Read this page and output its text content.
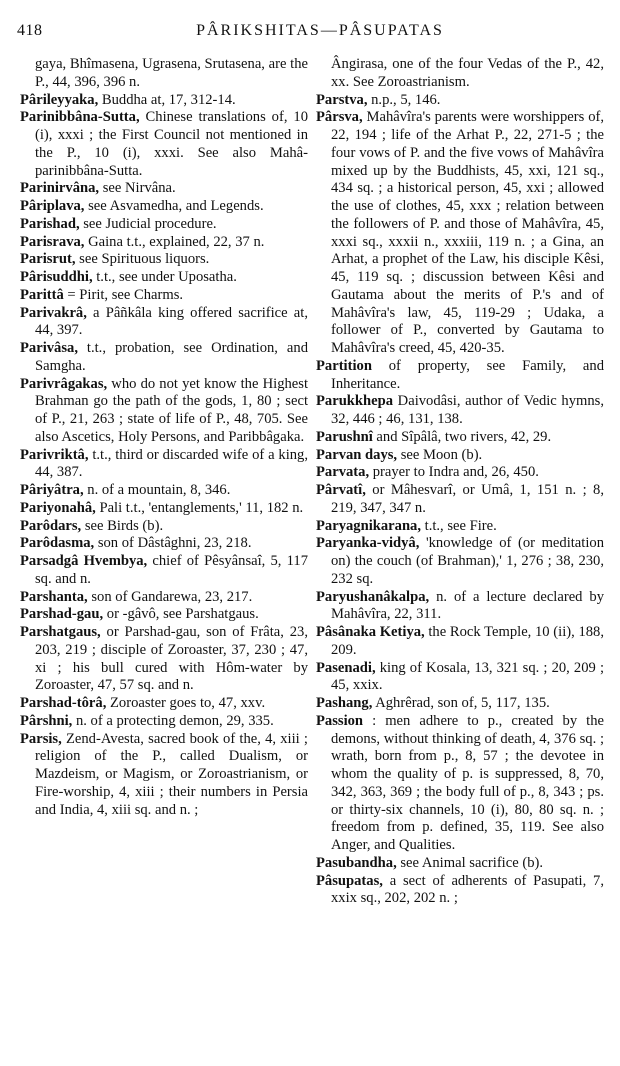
418	PÂRIKSHITAS—PÂSUPATAS

gaya, Bhîmasena, Ugrasena, Srutasena, are the P., 44, 396, 396 n.

Pârileyyaka, Buddha at, 17, 312-14.

Parinibbâna-Sutta, Chinese translations of, 10 (i), xxxi ; the First Council not mentioned in the P., 10 (i), xxxi. See also Mahâ-parinibbâna-Sutta.

Parinirvâna, see Nirvâna.

Pâriplava, see Asvamedha, and Legends.

Parishad, see Judicial procedure.

Parisrava, Gaina t.t., explained, 22, 37 n.

Parisrut, see Spirituous liquors.

Pârisuddhi, t.t., see under Uposatha.

Parittâ = Pirit, see Charms.

Parivakrâ, a Pâñkâla king offered sacrifice at, 44, 397.

Parivâsa, t.t., probation, see Ordination, and Samgha.

Parivrâgakas, who do not yet know the Highest Brahman go the path of the gods, 1, 80 ; sect of P., 21, 263 ; state of life of P., 48, 705. See also Ascetics, Holy Persons, and Paribbâgaka.

Parivriktâ, t.t., third or discarded wife of a king, 44, 387.

Pâriyâtra, n. of a mountain, 8, 346.

Pariyonahâ, Pali t.t., 'entanglements,' 11, 182 n.

Parôdars, see Birds (b).

Parôdasma, son of Dâstâghni, 23, 218.

Parsadgâ Hvembya, chief of Pêsyânsaî, 5, 117 sq. and n.

Parshanta, son of Gandarewa, 23, 217.

Parshad-gau, or -gâvô, see Parshatgaus.

Parshatgaus, or Parshad-gau, son of Frâta, 23, 203, 219 ; disciple of Zoroaster, 37, 230 ; 47, xi ; his bull cured with Hôm-water by Zoroaster, 47, 57 sq. and n.

Parshad-tôrâ, Zoroaster goes to, 47, xxv.

Pârshni, n. of a protecting demon, 29, 335.

Parsis, Zend-Avesta, sacred book of the, 4, xiii ; religion of the P., called Dualism, or Mazdeism, or Magism, or Zoroastrianism, or Fire-worship, 4, xiii ; their numbers in Persia and India, 4, xiii sq. and n. ;

Ângirasa, one of the four Vedas of the P., 42, xx. See Zoroastrianism.

Parstva, n.p., 5, 146.

Pârsva, Mahâvîra's parents were worshippers of, 22, 194 ; life of the Arhat P., 22, 271-5 ; the four vows of P. and the five vows of Mahâvîra mixed up by the Buddhists, 45, xxi, 121 sq., 434 sq. ; a historical person, 45, xxi ; allowed the use of clothes, 45, xxx ; relation between the followers of P. and those of Mahâvîra, 45, xxxi sq., xxxii n., xxxiii, 119 n. ; a Gina, an Arhat, a prophet of the Law, his disciple Kêsi, 45, 119 sq. ; discussion between Kêsi and Gautama about the merits of P.'s and of Mahâvîra's law, 45, 119-29 ; Udaka, a follower of P., converted by Gautama to Mahâvîra's creed, 45, 420-35.

Partition of property, see Family, and Inheritance.

Parukkhepa Daivodâsi, author of Vedic hymns, 32, 446 ; 46, 131, 138.

Parushnî and Sîpâlâ, two rivers, 42, 29.

Parvan days, see Moon (b).

Parvata, prayer to Indra and, 26, 450.

Pârvatî, or Mâhesvarî, or Umâ, 1, 151 n. ; 8, 219, 347, 347 n.

Paryagnikarana, t.t., see Fire.

Paryanka-vidyâ, 'knowledge of (or meditation on) the couch (of Brahman),' 1, 276 ; 38, 230, 232 sq.

Paryushanâkalpa, n. of a lecture declared by Mahâvîra, 22, 311.

Pâsânaka Ketiya, the Rock Temple, 10 (ii), 188, 209.

Pasenadi, king of Kosala, 13, 321 sq. ; 20, 209 ; 45, xxix.

Pashang, Aghrêrad, son of, 5, 117, 135.

Passion : men adhere to p., created by the demons, without thinking of death, 4, 376 sq. ; wrath, born from p., 8, 57 ; the devotee in whom the quality of p. is suppressed, 8, 70, 342, 363, 369 ; the body full of p., 8, 343 ; ps. or thirty-six channels, 10 (i), 80, 80 sq. n. ; freedom from p. defined, 35, 119. See also Anger, and Qualities.

Pasubandha, see Animal sacrifice (b).

Pâsupatas, a sect of adherents of Pasupati, 7, xxix sq., 202, 202 n. ;
